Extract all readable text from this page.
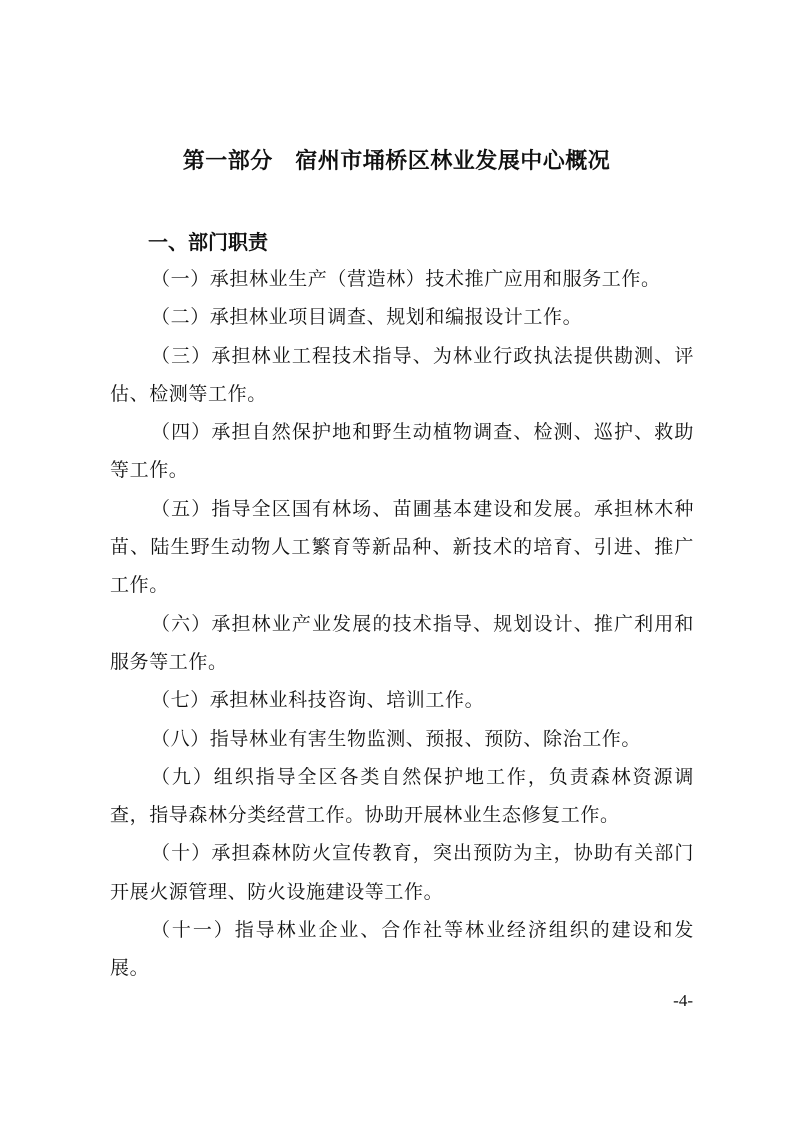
第一部分　宿州市埇桥区林业发展中心概况
一、部门职责

（一）承担林业生产（营造林）技术推广应用和服务工作。

（二）承担林业项目调查、规划和编报设计工作。

（三）承担林业工程技术指导、为林业行政执法提供勘测、评估、检测等工作。

（四）承担自然保护地和野生动植物调查、检测、巡护、救助等工作。

（五）指导全区国有林场、苗圃基本建设和发展。承担林木种苗、陆生野生动物人工繁育等新品种、新技术的培育、引进、推广工作。

（六）承担林业产业发展的技术指导、规划设计、推广利用和服务等工作。

（七）承担林业科技咨询、培训工作。

（八）指导林业有害生物监测、预报、预防、除治工作。

（九）组织指导全区各类自然保护地工作，负责森林资源调查，指导森林分类经营工作。协助开展林业生态修复工作。

（十）承担森林防火宣传教育，突出预防为主，协助有关部门开展火源管理、防火设施建设等工作。

（十一）指导林业企业、合作社等林业经济组织的建设和发展。

-4-
